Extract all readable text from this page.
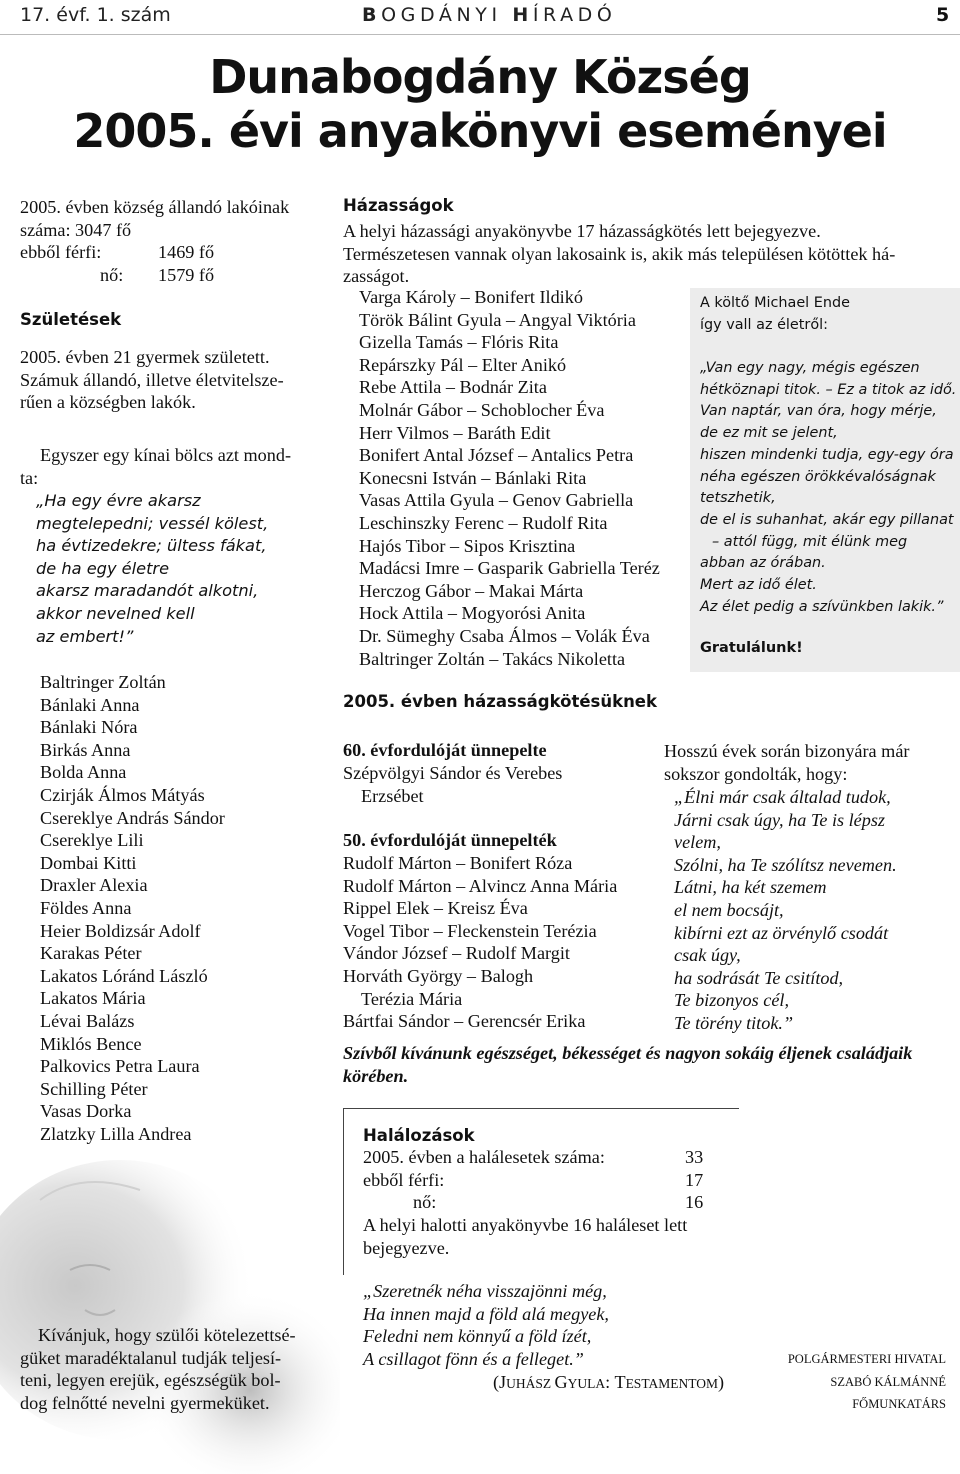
17. évf. 1. szám	BOGDÁNYI HÍRADÓ	5
Dunabogdány Község
2005. évi anyakönyvi eseményei
2005. évben község állandó lakóinak
száma: 3047 fő
ebből férfi:	1469 fő
nő: 1579 fő
Születések
2005. évben 21 gyermek született.
Számuk állandó, illetve életvitelsze-
rűen a községben lakók.
Egyszer egy kínai bölcs azt mond-
ta:
„Ha egy évre akarsz
megtelepedni; vessél kölest,
ha évtizedekre; ültess fákat,
de ha egy életre
akarsz maradandót alkotni,
akkor nevelned kell
az embert!”
Baltringer Zoltán
Bánlaki Anna
Bánlaki Nóra
Birkás Anna
Bolda Anna
Czirják Álmos Mátyás
Csereklye András Sándor
Csereklye Lili
Dombai Kitti
Draxler Alexia
Földes Anna
Heier Boldizsár Adolf
Karakas Péter
Lakatos Lóránd László
Lakatos Mária
Lévai Balázs
Miklós Bence
Palkovics Petra Laura
Schilling Péter
Vasas Dorka
Zlatzky Lilla Andrea
Kívánjuk, hogy szülői kötelezettsé-
güket maradéktalanul tudják teljesí-
teni, legyen erejük, egészségük bol-
dog felnőtté nevelni gyermeküket.
Házasságok
A helyi házassági anyakönyvbe 17 házasságkötés lett bejegyezve.
Természetesen vannak olyan lakosaink is, akik más településen kötöttek há-
zasságot.
Varga Károly – Bonifert Ildikó
Török Bálint Gyula – Angyal Viktória
Gizella Tamás – Flóris Rita
Repárszky Pál – Elter Anikó
Rebe Attila – Bodnár Zita
Molnár Gábor – Schoblocher Éva
Herr Vilmos – Baráth Edit
Bonifert Antal József – Antalics Petra
Konecsni István – Bánlaki Rita
Vasas Attila Gyula – Genov Gabriella
Leschinszky Ferenc – Rudolf Rita
Hajós Tibor – Sipos Krisztina
Madácsi Imre – Gasparik Gabriella Teréz
Herczog Gábor – Makai Márta
Hock Attila – Mogyorósi Anita
Dr. Sümeghy Csaba Álmos – Volák Éva
Baltringer Zoltán – Takács Nikoletta
A költő Michael Ende
így vall az életről:
„Van egy nagy, mégis egészen
hétköznapi titok. – Ez a titok az idő.
Van naptár, van óra, hogy mérje,
de ez mit se jelent,
hiszen mindenki tudja, egy-egy óra
néha egészen örökkévalóságnak
tetszhetik,
de el is suhanhat, akár egy pillanat
– attól függ, mit élünk meg
abban az órában.
Mert az idő élet.
Az élet pedig a szívünkben lakik.”
Gratulálunk!
2005. évben házasságkötésüknek
60. évfordulóját ünnepelte
Szépvölgyi Sándor és Verebes
Erzsébet
50. évfordulóját ünnepelték
Rudolf Márton – Bonifert Róza
Rudolf Márton – Alvincz Anna Mária
Rippel Elek – Kreisz Éva
Vogel Tibor – Fleckenstein Terézia
Vándor József – Rudolf Margit
Horváth György – Balogh
Terézia Mária
Bártfai Sándor – Gerencsér Erika
Hosszú évek során bizonyára már
sokszor gondolták, hogy:
„Élni már csak általad tudok,
Járni csak úgy, ha Te is lépsz
velem,
Szólni, ha Te szólítsz nevemen.
Látni, ha két szemem
el nem bocsájt,
kibírni ezt az örvénylő csodát
csak úgy,
ha sodrását Te csitítod,
Te bizonyos cél,
Te törény titok.”
Szívből kívánunk egészséget, békességet és nagyon sokáig éljenek családjaik
körében.
Halálozások
2005. évben a halálesetek száma:	33
ebből férfi:	17
nő:	16
A helyi halotti anyakönyvbe 16 haláleset lett
bejegyezve.
„Szeretnék néha visszajönni még,
Ha innen majd a föld alá megyek,
Feledni nem könnyű a föld ízét,
A csillagot fönn és a felleget.”
(JUHÁSZ GYULA: TESTAMENTOM)
POLGÁRMESTERI HIVATAL
SZABÓ KÁLMÁNNÉ
FŐMUNKATÁRS
